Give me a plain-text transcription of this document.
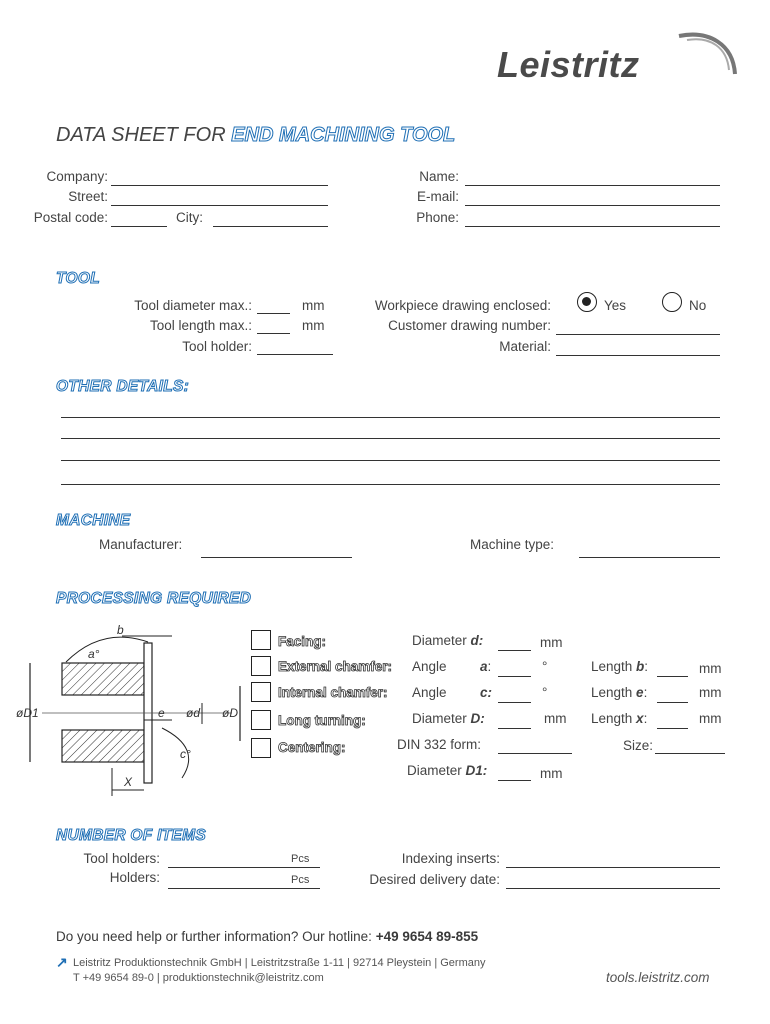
Leistritz
DATA SHEET FOR END MACHINING TOOL
Company:
Street:
Postal code:	City:
Name:
E-mail:
Phone:
TOOL
Tool diameter max.:	mm
Tool length max.:	mm
Tool holder:
Workpiece drawing enclosed:	Yes	No
Customer drawing number:
Material:
OTHER DETAILS:
MACHINE
Manufacturer:	Machine type:
PROCESSING REQUIRED
b
a°
øD1	e ød øD
c°
X
Facing:	Diameter d:	mm
External chamfer: Angle a:	°	Length b:	mm
Internal chamfer: Angle c:	°	Length e:	mm
Long turning:	Diameter D:	mm Length x:	mm
Centering:	DIN 332 form:	Size:
Diameter D1:	mm
NUMBER OF ITEMS
Tool holders:	Pcs
Holders:	Pcs
Indexing inserts:
Desired delivery date:
Do you need help or further information? Our hotline: +49 9654 89-855
↗ Leistritz Produktionstechnik GmbH | Leistritzstraße 1-11 | 92714 Pleystein | Germany
T +49 9654 89-0 | produktionstechnik@leistritz.com	tools.leistritz.com
